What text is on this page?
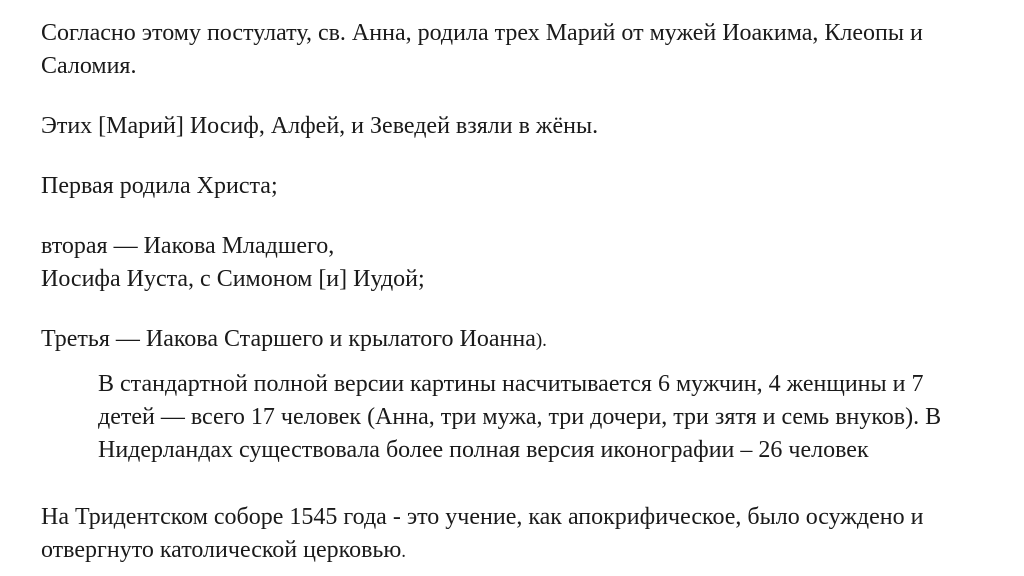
Согласно этому постулату, св. Анна, родила трех Марий от мужей Иоакима, Клеопы и
Саломия.

Этих [Марий] Иосиф, Алфей, и Зеведей взяли в жёны.

Первая родила Христа;

вторая — Иакова Младшего,
Иосифа Иуста, с Симоном [и] Иудой;

Третья — Иакова Старшего и крылатого Иоанна).

В стандартной полной версии картины насчитывается 6 мужчин, 4 женщины и 7
детей — всего 17 человек (Анна, три мужа, три дочери, три зятя и семь внуков). В
Нидерландах существовала более полная версия иконографии – 26 человек

На Тридентском соборе 1545 года - это учение, как апокрифическое, было осуждено и
отвергнуто католической церковью.
